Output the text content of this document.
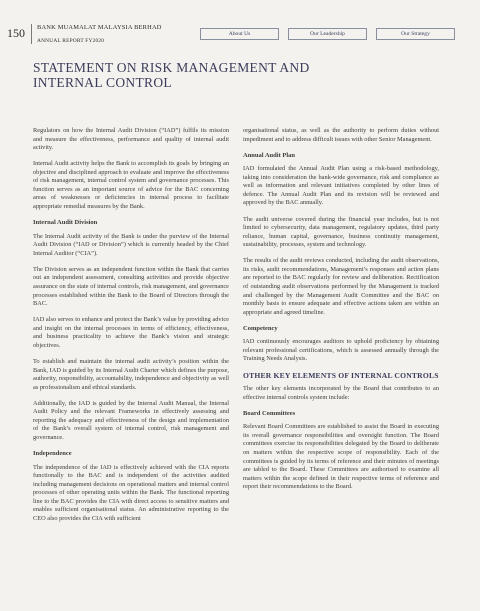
150 BANK MUAMALAT MALAYSIA BERHAD
ANNUAL REPORT FY2020
About Us	Our Leadership	Our Strategy
STATEMENT ON RISK MANAGEMENT AND
INTERNAL CONTROL

Regulators on how the Internal Audit Division (“IAD”) fulfils its mission and measure the effectiveness, performance and quality of internal audit activity.

Internal Audit activity helps the Bank to accomplish its goals by bringing an objective and disciplined approach to evaluate and improve the effectiveness of risk management, internal control system and governance processes. This function serves as an important source of advice for the BAC concerning areas of weaknesses or deficiencies in internal process to facilitate appropriate remedial measures by the Bank.

Internal Audit Division

The Internal Audit activity of the Bank is under the purview of the Internal Audit Division (“IAD or Division”) which is currently headed by the Chief Internal Auditor (“CIA”).

The Division serves as an independent function within the Bank that carries out an independent assessment, consulting activities and provide objective assurance on the state of internal controls, risk management, and governance processes established within the Bank to the Board of Directors through the BAC.

IAD also serves to enhance and protect the Bank’s value by providing advice and insight on the internal processes in terms of efficiency, effectiveness, and business practicality to achieve the Bank’s vision and strategic objectives.

To establish and maintain the internal audit activity’s position within the Bank, IAD is guided by its Internal Audit Charter which defines the purpose, authority, responsibility, accountability, independence and objectivity as well as professionalism and ethical standards.

Additionally, the IAD is guided by the Internal Audit Manual, the Internal Audit Policy and the relevant Frameworks in effectively assessing and reporting the adequacy and effectiveness of the design and implementation of the Bank’s overall system of internal control, risk management and governance.

Independence

The independence of the IAD is effectively achieved with the CIA reports functionally to the BAC and is independent of the activities audited including management decisions on operational matters and internal control processes of other operating units within the Bank. The functional reporting line to the BAC provides the CIA with direct access to sensitive matters and enables sufficient organisational status. An administrative reporting to the CEO also provides the CIA with sufficient

organisational status, as well as the authority to perform duties without impediment and to address difficult issues with other Senior Management.

Annual Audit Plan

IAD formulated the Annual Audit Plan using a risk-based methodology, taking into consideration the bank-wide governance, risk and compliance as well as information and relevant initiatives completed by other lines of defence. The Annual Audit Plan and its revision will be reviewed and approved by the BAC annually.

The audit universe covered during the financial year includes, but is not limited to cybersecurity, data management, regulatory updates, third party reliance, human capital, governance, business continuity management, sustainability, processes, system and technology.

The results of the audit reviews conducted, including the audit observations, its risks, audit recommendations, Management’s responses and action plans are reported to the BAC regularly for review and deliberation. Rectification of outstanding audit observations performed by the Management is tracked and challenged by the Management Audit Committee and the BAC on monthly basis to ensure adequate and effective actions taken are within an appropriate and agreed timeline.

Competency

IAD continuously encourages auditors to uphold proficiency by obtaining relevant professional certifications, which is assessed annually through the Training Needs Analysis.

OTHER KEY ELEMENTS OF INTERNAL CONTROLS

The other key elements incorporated by the Board that contributes to an effective internal controls system include:

Board Committees

Relevant Board Committees are established to assist the Board in executing its overall governance responsibilities and oversight function. The Board committees exercise its responsibilities delegated by the Board to deliberate on matters within the respective scope of responsibility. Each of the committees is guided by its terms of reference and their minutes of meetings are tabled to the Board. These Committees are authorised to examine all matters within the scope defined in their respective terms of reference and report their recommendations to the Board.
